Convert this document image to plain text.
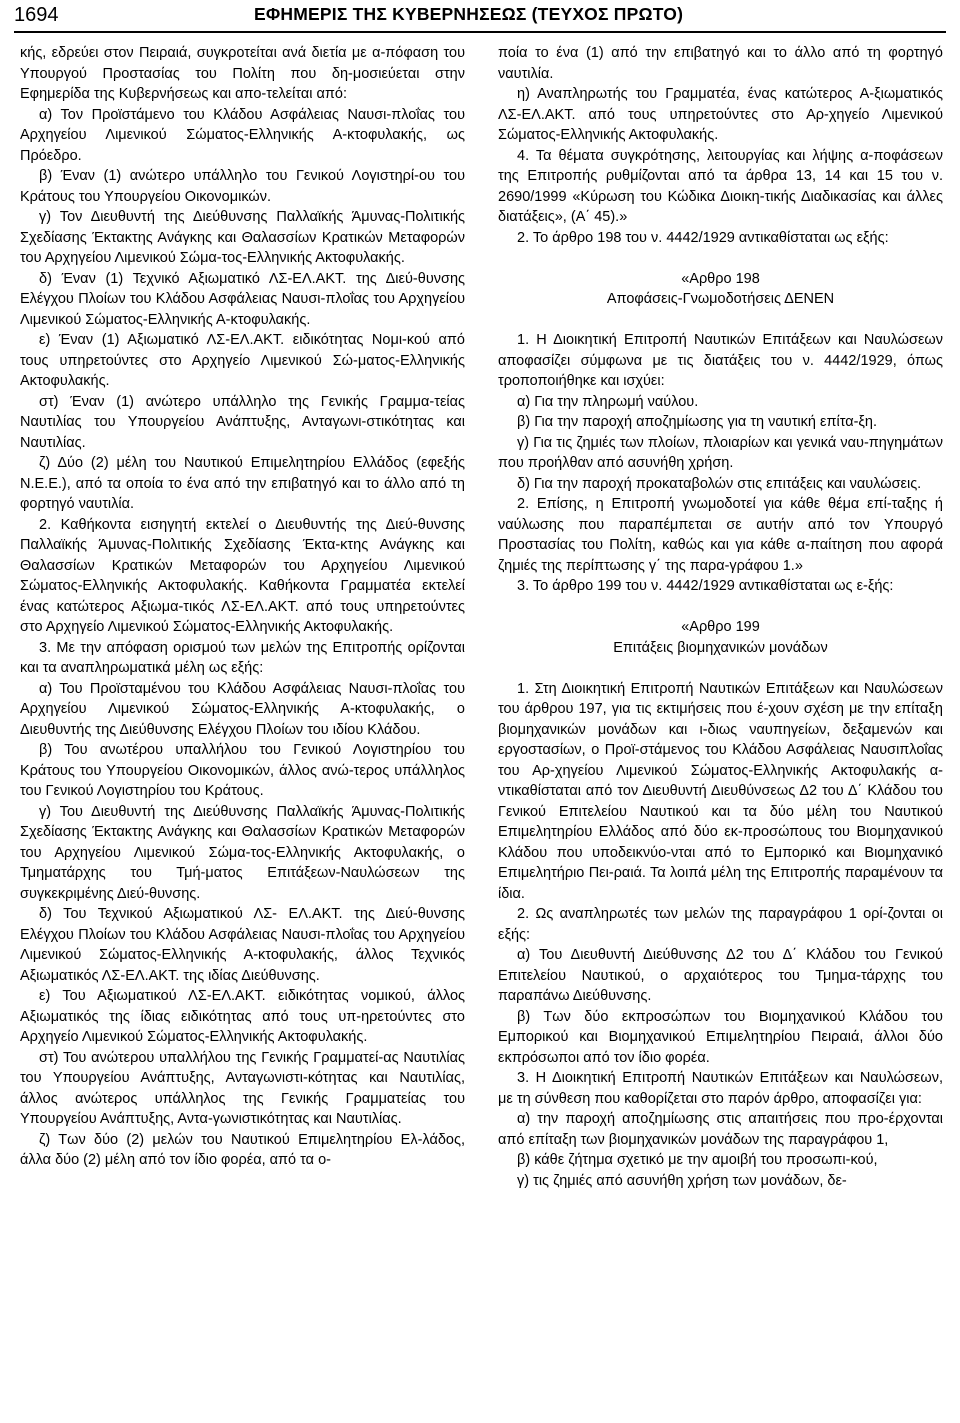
1694	ΕΦΗΜΕΡΙΣ ΤΗΣ ΚΥΒΕΡΝΗΣΕΩΣ (ΤΕΥΧΟΣ ΠΡΩΤΟ)

κής, εδρεύει στον Πειραιά, συγκροτείται ανά διετία με α-πόφαση του Υπουργού Προστασίας του Πολίτη που δη-μοσιεύεται στην Εφημερίδα της Κυβερνήσεως και απο-τελείται από:

α) Τον Προϊστάμενο του Κλάδου Ασφάλειας Ναυσι-πλοΐας του Αρχηγείου Λιμενικού Σώματος-Ελληνικής Α-κτοφυλακής, ως Πρόεδρο.

β) Έναν (1) ανώτερο υπάλληλο του Γενικού Λογιστηρί-ου του Κράτους του Υπουργείου Οικονομικών.

γ) Τον Διευθυντή της Διεύθυνσης Παλλαϊκής Άμυνας-Πολιτικής Σχεδίασης Έκτακτης Ανάγκης και Θαλασσίων Κρατικών Μεταφορών του Αρχηγείου Λιμενικού Σώμα-τος-Ελληνικής Ακτοφυλακής.

δ) Έναν (1) Τεχνικό Αξιωματικό ΛΣ-ΕΛ.ΑΚΤ. της Διεύ-θυνσης Ελέγχου Πλοίων του Κλάδου Ασφάλειας Ναυσι-πλοΐας του Αρχηγείου Λιμενικού Σώματος-Ελληνικής Α-κτοφυλακής.

ε) Έναν (1) Αξιωματικό ΛΣ-ΕΛ.ΑΚΤ. ειδικότητας Νομι-κού από τους υπηρετούντες στο Αρχηγείο Λιμενικού Σώ-ματος-Ελληνικής Ακτοφυλακής.

στ) Έναν (1) ανώτερο υπάλληλο της Γενικής Γραμμα-τείας Ναυτιλίας του Υπουργείου Ανάπτυξης, Ανταγωνι-στικότητας και Ναυτιλίας.

ζ) Δύο (2) μέλη του Ναυτικού Επιμελητηρίου Ελλάδος (εφεξής Ν.Ε.Ε.), από τα οποία το ένα από την επιβατηγό και το άλλο από τη φορτηγό ναυτιλία.

2. Καθήκοντα εισηγητή εκτελεί ο Διευθυντής της Διεύ-θυνσης Παλλαϊκής Άμυνας-Πολιτικής Σχεδίασης Έκτα-κτης Ανάγκης και Θαλασσίων Κρατικών Μεταφορών του Αρχηγείου Λιμενικού Σώματος-Ελληνικής Ακτοφυλακής. Καθήκοντα Γραμματέα εκτελεί ένας κατώτερος Αξιωμα-τικός ΛΣ-ΕΛ.ΑΚΤ. από τους υπηρετούντες στο Αρχηγείο Λιμενικού Σώματος-Ελληνικής Ακτοφυλακής.

3. Με την απόφαση ορισμού των μελών της Επιτροπής ορίζονται και τα αναπληρωματικά μέλη ως εξής:

α) Του Προϊσταμένου του Κλάδου Ασφάλειας Ναυσι-πλοΐας του Αρχηγείου Λιμενικού Σώματος-Ελληνικής Α-κτοφυλακής, ο Διευθυντής της Διεύθυνσης Ελέγχου Πλοίων του ιδίου Κλάδου.

β) Του ανωτέρου υπαλλήλου του Γενικού Λογιστηρίου του Κράτους του Υπουργείου Οικονομικών, άλλος ανώ-τερος υπάλληλος του Γενικού Λογιστηρίου του Κράτους.

γ) Του Διευθυντή της Διεύθυνσης Παλλαϊκής Άμυνας-Πολιτικής Σχεδίασης Έκτακτης Ανάγκης και Θαλασσίων Κρατικών Μεταφορών του Αρχηγείου Λιμενικού Σώμα-τος-Ελληνικής Ακτοφυλακής, ο Τμηματάρχης του Τμή-ματος Επιτάξεων-Ναυλώσεων της συγκεκριμένης Διεύ-θυνσης.

δ) Του Τεχνικού Αξιωματικού ΛΣ- ΕΛ.ΑΚΤ. της Διεύ-θυνσης Ελέγχου Πλοίων του Κλάδου Ασφάλειας Ναυσι-πλοΐας του Αρχηγείου Λιμενικού Σώματος-Ελληνικής Α-κτοφυλακής, άλλος Τεχνικός Αξιωματικός ΛΣ-ΕΛ.ΑΚΤ. της ιδίας Διεύθυνσης.

ε) Του Αξιωματικού ΛΣ-ΕΛ.ΑΚΤ. ειδικότητας νομικού, άλλος Αξιωματικός της ίδιας ειδικότητας από τους υπ-ηρετούντες στο Αρχηγείο Λιμενικού Σώματος-Ελληνικής Ακτοφυλακής.

στ) Του ανώτερου υπαλλήλου της Γενικής Γραμματεί-ας Ναυτιλίας του Υπουργείου Ανάπτυξης, Ανταγωνιστι-κότητας και Ναυτιλίας, άλλος ανώτερος υπάλληλος της Γενικής Γραμματείας του Υπουργείου Ανάπτυξης, Αντα-γωνιστικότητας και Ναυτιλίας.

ζ) Των δύο (2) μελών του Ναυτικού Επιμελητηρίου Ελ-λάδος, άλλα δύο (2) μέλη από τον ίδιο φορέα, από τα ο-

ποία το ένα (1) από την επιβατηγό και το άλλο από τη φορτηγό ναυτιλία.

η) Αναπληρωτής του Γραμματέα, ένας κατώτερος Α-ξιωματικός ΛΣ-ΕΛ.ΑΚΤ. από τους υπηρετούντες στο Αρ-χηγείο Λιμενικού Σώματος-Ελληνικής Ακτοφυλακής.

4. Τα θέματα συγκρότησης, λειτουργίας και λήψης α-ποφάσεων της Επιτροπής ρυθμίζονται από τα άρθρα 13, 14 και 15 του ν. 2690/1999 «Κύρωση του Κώδικα Διοικη-τικής Διαδικασίας και άλλες διατάξεις», (Α΄ 45).»

2. Το άρθρο 198 του ν. 4442/1929 αντικαθίσταται ως εξής:

«Αρθρο 198

Αποφάσεις-Γνωμοδοτήσεις ΔΕΝΕΝ

1. Η Διοικητική Επιτροπή Ναυτικών Επιτάξεων και Ναυλώσεων αποφασίζει σύμφωνα με τις διατάξεις του ν. 4442/1929, όπως τροποποιήθηκε και ισχύει:

α) Για την πληρωμή ναύλου.

β) Για την παροχή αποζημίωσης για τη ναυτική επίτα-ξη.

γ) Για τις ζημιές των πλοίων, πλοιαρίων και γενικά ναυ-πηγημάτων που προήλθαν από ασυνήθη χρήση.

δ) Για την παροχή προκαταβολών στις επιτάξεις και ναυλώσεις.

2. Επίσης, η Επιτροπή γνωμοδοτεί για κάθε θέμα επί-ταξης ή ναύλωσης που παραπέμπεται σε αυτήν από τον Υπουργό Προστασίας του Πολίτη, καθώς και για κάθε α-παίτηση που αφορά ζημιές της περίπτωσης γ΄ της παρα-γράφου 1.»

3. Το άρθρο 199 του ν. 4442/1929 αντικαθίσταται ως ε-ξής:

«Αρθρο 199

Επιτάξεις βιομηχανικών μονάδων

1. Στη Διοικητική Επιτροπή Ναυτικών Επιτάξεων και Ναυλώσεων του άρθρου 197, για τις εκτιμήσεις που έ-χουν σχέση με την επίταξη βιομηχανικών μονάδων και ι-διως ναυπηγείων, δεξαμενών και εργοστασίων, ο Προϊ-στάμενος του Κλάδου Ασφάλειας Ναυσιπλοΐας του Αρ-χηγείου Λιμενικού Σώματος-Ελληνικής Ακτοφυλακής α-ντικαθίσταται από τον Διευθυντή Διευθύνσεως Δ2 του Δ΄ Κλάδου του Γενικού Επιτελείου Ναυτικού και τα δύο μέλη του Ναυτικού Επιμελητηρίου Ελλάδος από δύο εκ-προσώπους του Βιομηχανικού Κλάδου που υποδεικνύο-νται από το Εμπορικό και Βιομηχανικό Επιμελητήριο Πει-ραιά. Τα λοιπά μέλη της Επιτροπής παραμένουν τα ίδια.

2. Ως αναπληρωτές των μελών της παραγράφου 1 ορί-ζονται οι εξής:

α) Του Διευθυντή Διεύθυνσης Δ2 του Δ΄ Κλάδου του Γενικού Επιτελείου Ναυτικού, ο αρχαιότερος του Τμημα-τάρχης του παραπάνω Διεύθυνσης.

β) Των δύο εκπροσώπων του Βιομηχανικού Κλάδου του Εμπορικού και Βιομηχανικού Επιμελητηρίου Πειραιά, άλλοι δύο εκπρόσωποι από τον ίδιο φορέα.

3. Η Διοικητική Επιτροπή Ναυτικών Επιτάξεων και Ναυλώσεων, με τη σύνθεση που καθορίζεται στο παρόν άρθρο, αποφασίζει για:

α) την παροχή αποζημίωσης στις απαιτήσεις που προ-έρχονται από επίταξη των βιομηχανικών μονάδων της παραγράφου 1,

β) κάθε ζήτημα σχετικό με την αμοιβή του προσωπι-κού,

γ) τις ζημιές από ασυνήθη χρήση των μονάδων, δε-
